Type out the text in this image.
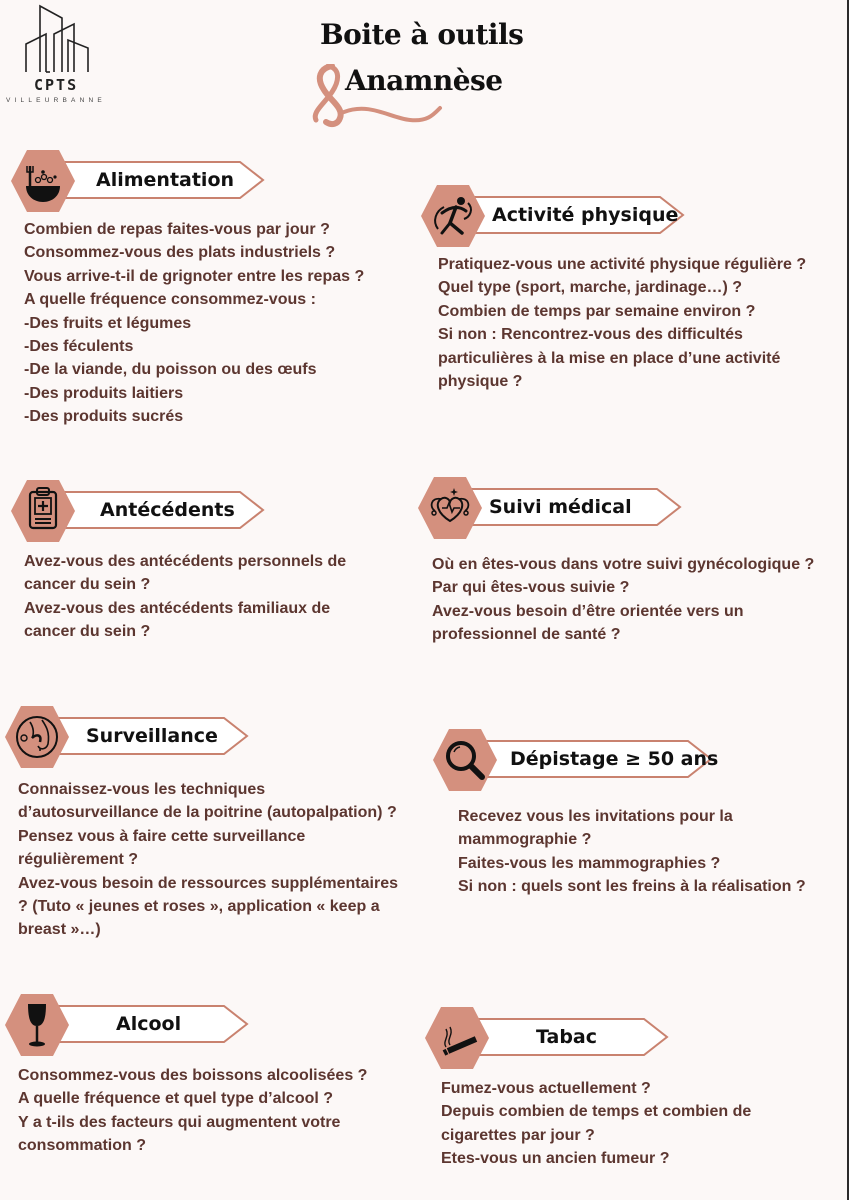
CPTS
VILLEURBANNE
Boite à outils
Anamnèse
Alimentation
Combien de repas faites-vous par jour ?
Consommez-vous des plats industriels ?
Vous arrive-t-il de grignoter entre les repas ?
A quelle fréquence consommez-vous :
-Des fruits et légumes
-Des féculents
-De la viande, du poisson ou des œufs
-Des produits laitiers
-Des produits sucrés
Activité physique
Pratiquez-vous une activité physique régulière ?
Quel type (sport, marche, jardinage…) ?
Combien de temps par semaine environ ?
Si non : Rencontrez-vous des difficultés
particulières à la mise en place d’une activité
physique ?
Antécédents
Avez-vous des antécédents personnels de
cancer du sein ?
Avez-vous des antécédents familiaux de
cancer du sein ?
Suivi médical
Où en êtes-vous dans votre suivi gynécologique ?
Par qui êtes-vous suivie ?
Avez-vous besoin d’être orientée vers un
professionnel de santé ?
Surveillance
Connaissez-vous les techniques
d’autosurveillance de la poitrine (autopalpation) ?
Pensez vous à faire cette surveillance
régulièrement ?
Avez-vous besoin de ressources supplémentaires
? (Tuto « jeunes et roses », application « keep a
breast »…)
Dépistage ≥ 50 ans
Recevez vous les invitations pour la
mammographie ?
Faites-vous les mammographies ?
Si non : quels sont les freins à la réalisation ?
Alcool
Consommez-vous des boissons alcoolisées ?
A quelle fréquence et quel type d’alcool ?
Y a t-ils des facteurs qui augmentent votre
consommation ?
Tabac
Fumez-vous actuellement ?
Depuis combien de temps et combien de
cigarettes par jour ?
Etes-vous un ancien fumeur ?
